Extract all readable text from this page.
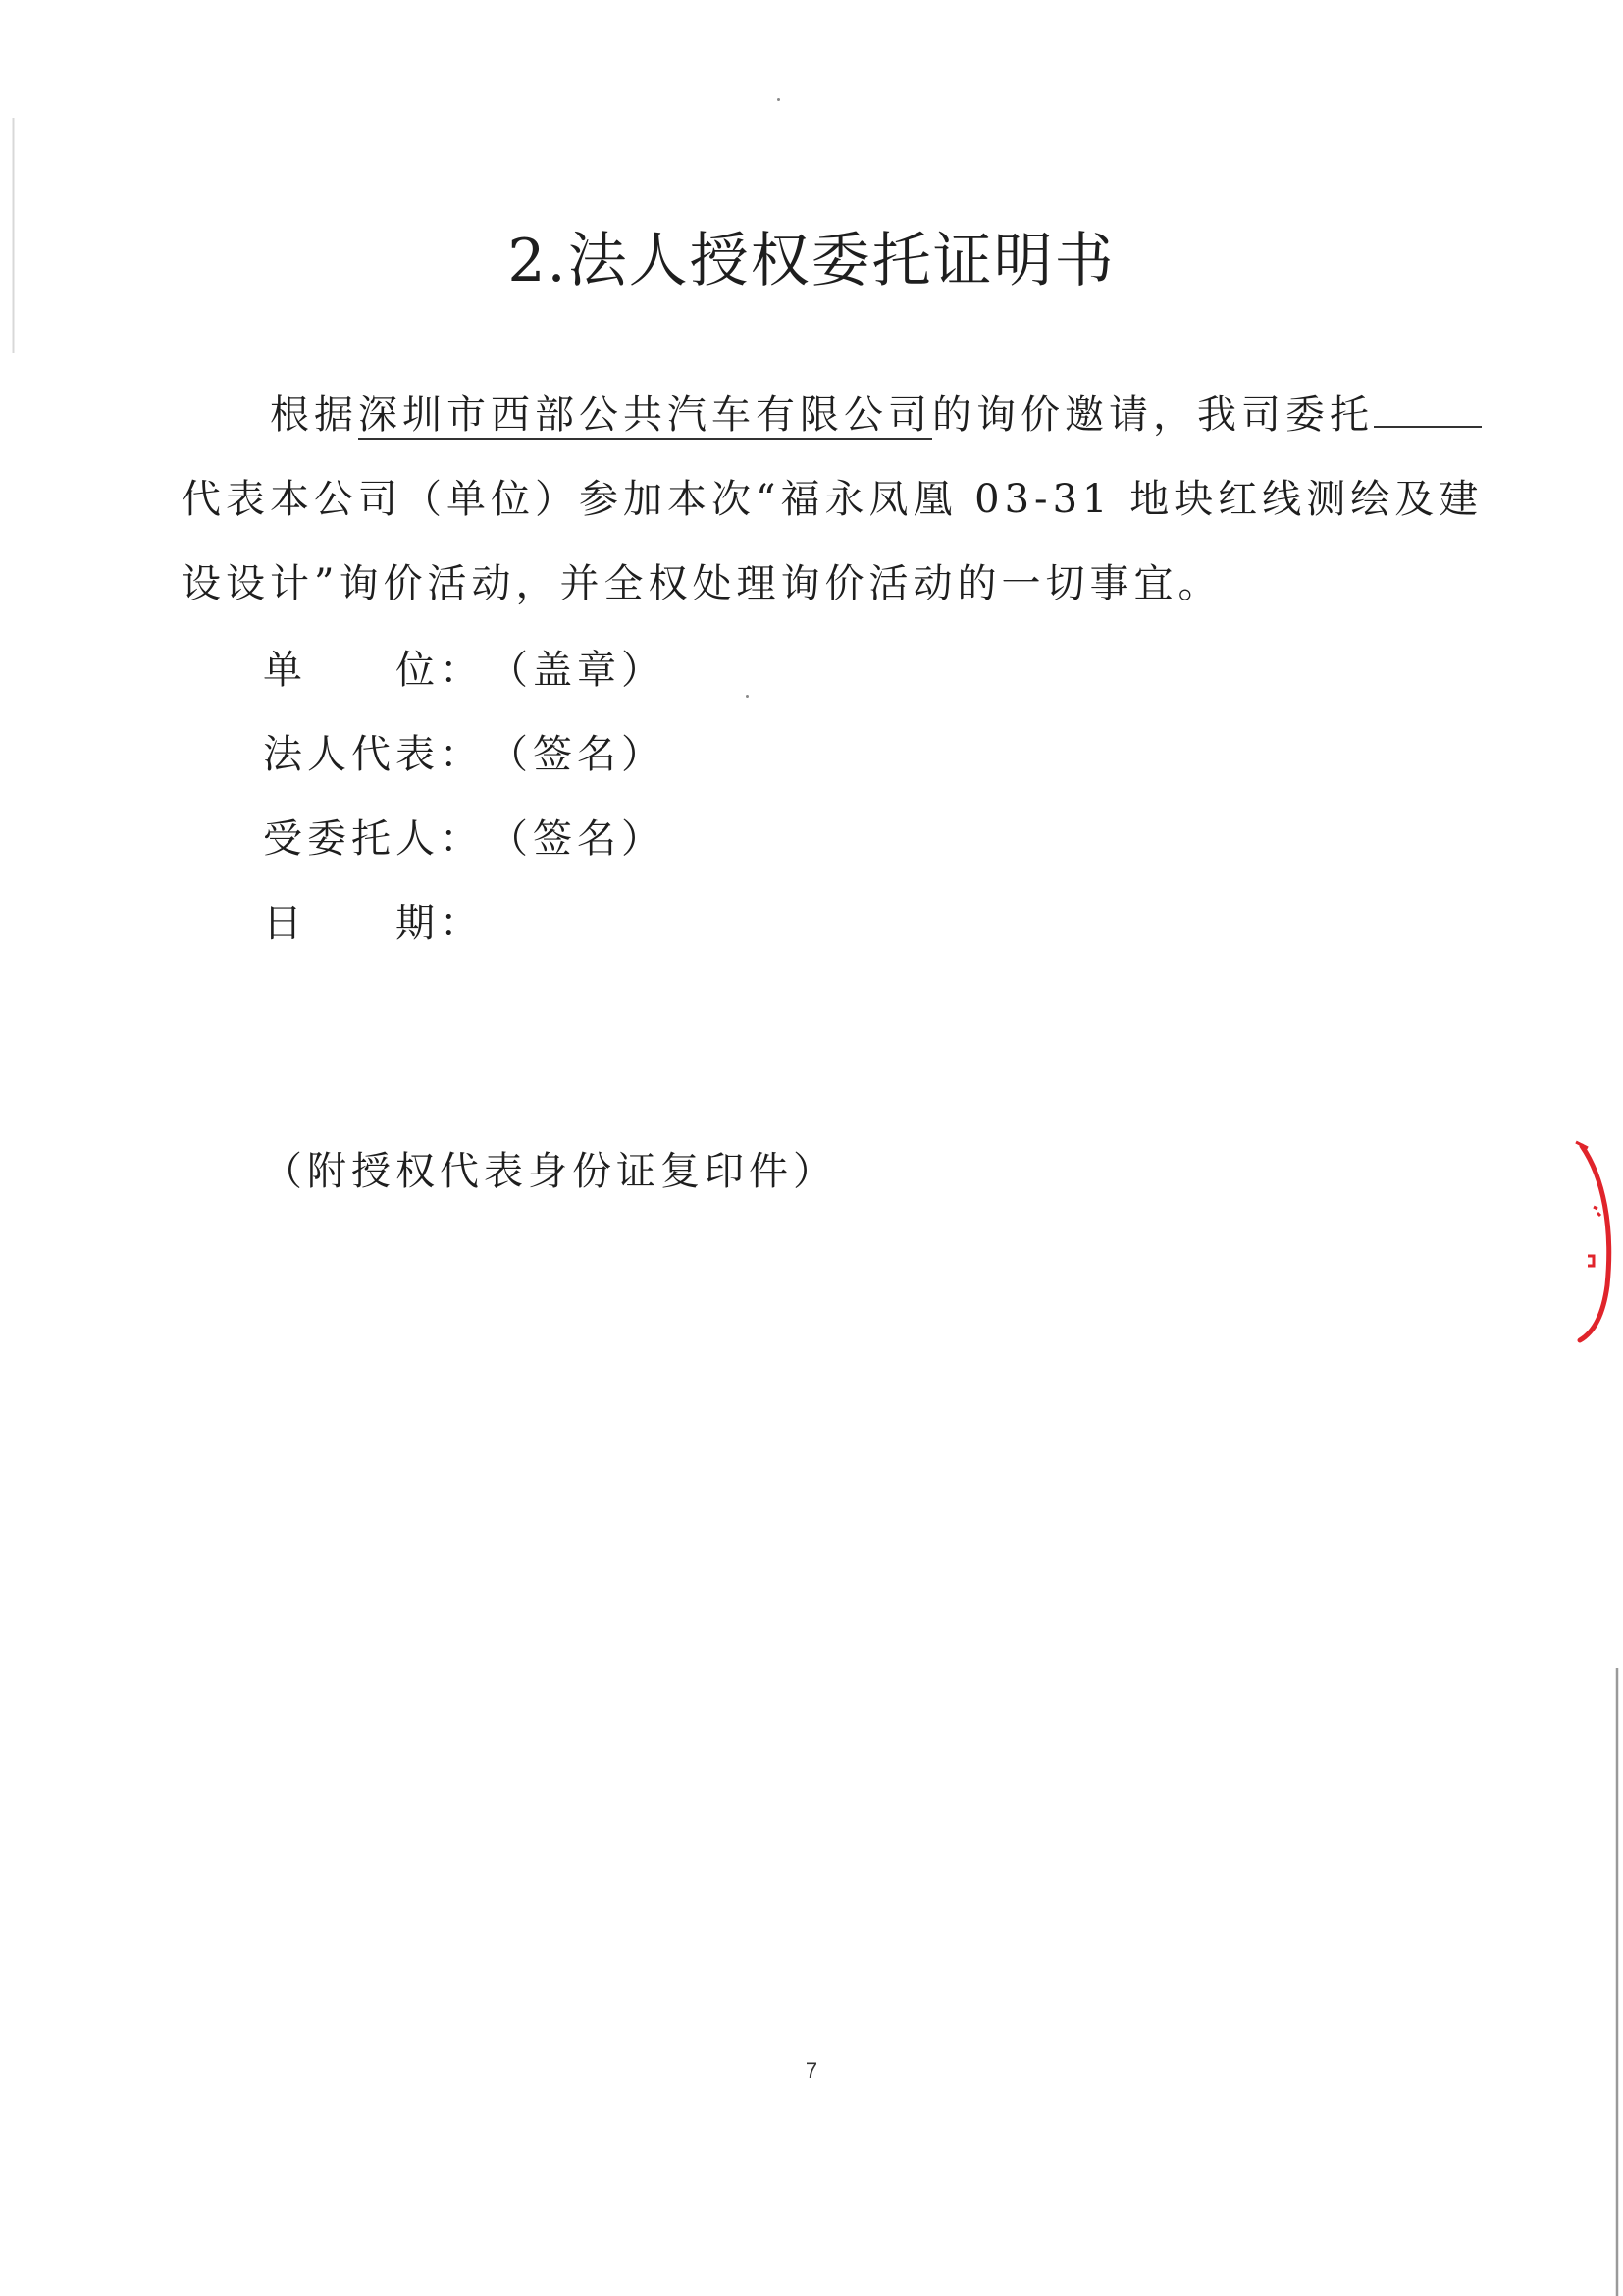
2.法人授权委托证明书
根据深圳市西部公共汽车有限公司的询价邀请，我司委托代表本公司（单位）参加本次“福永凤凰 03-31 地块红线测绘及建设设计”询价活动，并全权处理询价活动的一切事宜。
单　　位： （盖章）
法人代表： （签名）
受委托人： （签名）
日　　期：
（附授权代表身份证复印件）
7
